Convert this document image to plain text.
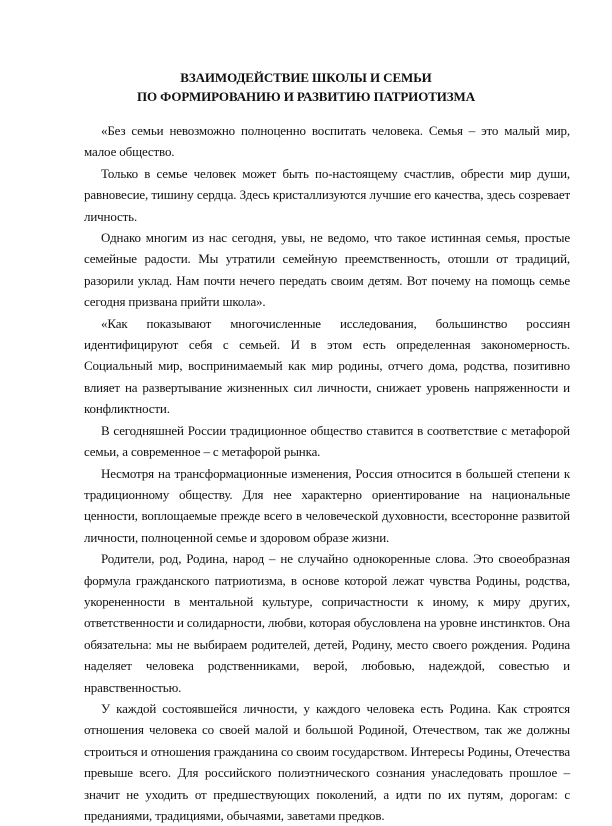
ВЗАИМОДЕЙСТВИЕ ШКОЛЫ И СЕМЬИ
ПО ФОРМИРОВАНИЮ И РАЗВИТИЮ ПАТРИОТИЗМА

«Без семьи невозможно полноценно воспитать человека. Семья – это малый мир, малое общество.

Только в семье человек может быть по-настоящему счастлив, обрести мир души, равновесие, тишину сердца. Здесь кристаллизуются лучшие его качества, здесь созревает личность.

Однако многим из нас сегодня, увы, не ведомо, что такое истинная семья, простые семейные радости. Мы утратили семейную преемственность, отошли от традиций, разорили уклад. Нам почти нечего передать своим детям. Вот почему на помощь семье сегодня призвана прийти школа».

«Как показывают многочисленные исследования, большинство россиян идентифицируют себя с семьей. И в этом есть определенная закономерность. Социальный мир, воспринимаемый как мир родины, отчего дома, родства, позитивно влияет на развертывание жизненных сил личности, снижает уровень напряженности и конфликтности.

В сегодняшней России традиционное общество ставится в соответствие с метафорой семьи, а современное – с метафорой рынка.

Несмотря на трансформационные изменения, Россия относится в большей степени к традиционному обществу. Для нее характерно ориентирование на национальные ценности, воплощаемые прежде всего в человеческой духовности, всесторонне развитой личности, полноценной семье и здоровом образе жизни.

Родители, род, Родина, народ – не случайно однокоренные слова. Это своеобразная формула гражданского патриотизма, в основе которой лежат чувства Родины, родства, укорененности в ментальной культуре, сопричастности к иному, к миру других, ответственности и солидарности, любви, которая обусловлена на уровне инстинктов. Она обязательна: мы не выбираем родителей, детей, Родину, место своего рождения. Родина наделяет человека родственниками, верой, любовью, надеждой, совестью и нравственностью.

У каждой состоявшейся личности, у каждого человека есть Родина. Как строятся отношения человека со своей малой и большой Родиной, Отечеством, так же должны строиться и отношения гражданина со своим государством. Интересы Родины, Отечества превыше всего. Для российского полиэтнического сознания унаследовать прошлое – значит не уходить от предшествующих поколений, а идти по их путям, дорогам: с преданиями, традициями, обычаями, заветами предков.
